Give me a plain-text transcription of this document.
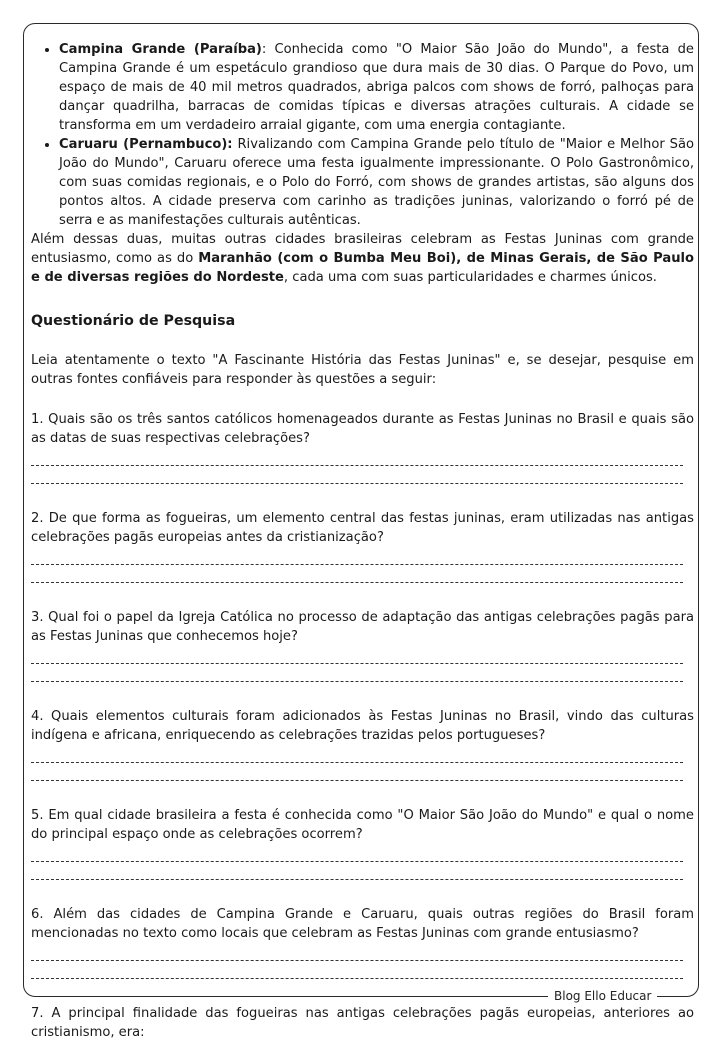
• Campina Grande (Paraíba): Conhecida como "O Maior São João do Mundo", a festa de Campina Grande é um espetáculo grandioso que dura mais de 30 dias. O Parque do Povo, um espaço de mais de 40 mil metros quadrados, abriga palcos com shows de forró, palhoças para dançar quadrilha, barracas de comidas típicas e diversas atrações culturais. A cidade se transforma em um verdadeiro arraial gigante, com uma energia contagiante.
• Caruaru (Pernambuco): Rivalizando com Campina Grande pelo título de "Maior e Melhor São João do Mundo", Caruaru oferece uma festa igualmente impressionante. O Polo Gastronômico, com suas comidas regionais, e o Polo do Forró, com shows de grandes artistas, são alguns dos pontos altos. A cidade preserva com carinho as tradições juninas, valorizando o forró pé de serra e as manifestações culturais autênticas.

Além dessas duas, muitas outras cidades brasileiras celebram as Festas Juninas com grande entusiasmo, como as do Maranhão (com o Bumba Meu Boi), de Minas Gerais, de São Paulo e de diversas regiões do Nordeste, cada uma com suas particularidades e charmes únicos.

Questionário de Pesquisa

Leia atentamente o texto "A Fascinante História das Festas Juninas" e, se desejar, pesquise em outras fontes confiáveis para responder às questões a seguir:

1. Quais são os três santos católicos homenageados durante as Festas Juninas no Brasil e quais são as datas de suas respectivas celebrações?

2. De que forma as fogueiras, um elemento central das festas juninas, eram utilizadas nas antigas celebrações pagãs europeias antes da cristianização?

3. Qual foi o papel da Igreja Católica no processo de adaptação das antigas celebrações pagãs para as Festas Juninas que conhecemos hoje?

4. Quais elementos culturais foram adicionados às Festas Juninas no Brasil, vindo das culturas indígena e africana, enriquecendo as celebrações trazidas pelos portugueses?

5. Em qual cidade brasileira a festa é conhecida como "O Maior São João do Mundo" e qual o nome do principal espaço onde as celebrações ocorrem?

6. Além das cidades de Campina Grande e Caruaru, quais outras regiões do Brasil foram mencionadas no texto como locais que celebram as Festas Juninas com grande entusiasmo?

7. A principal finalidade das fogueiras nas antigas celebrações pagãs europeias, anteriores ao cristianismo, era:

Blog Ello Educar
